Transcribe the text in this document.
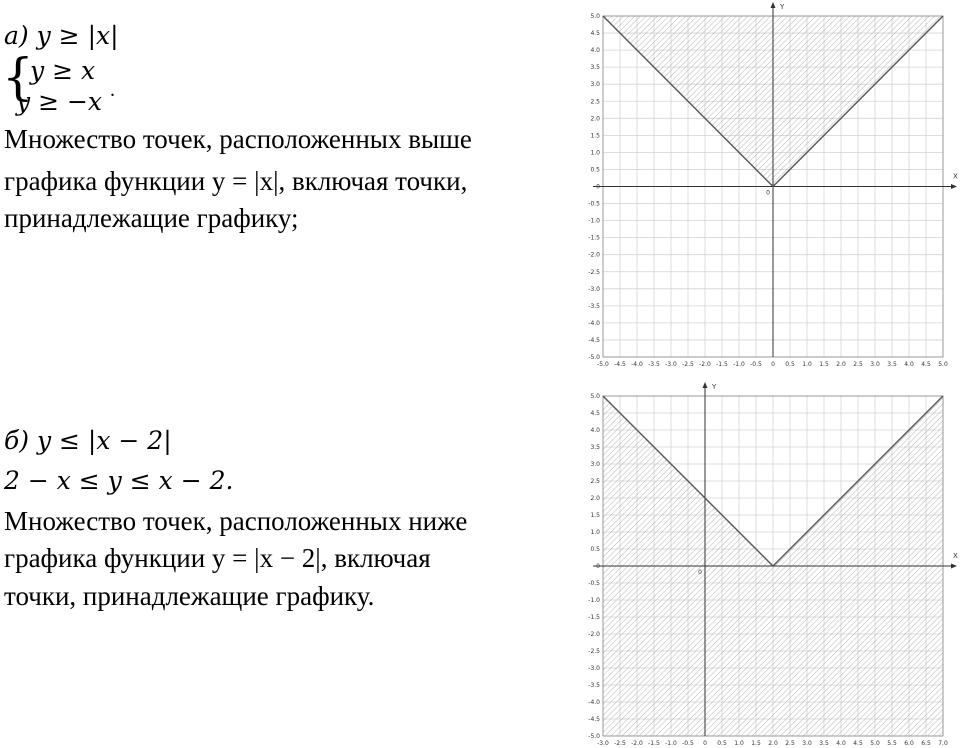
а) y ≥ |x|
{
y ≥ x
y ≥ −x .
Множество точек, расположенных выше
графика функции y = |x|, включая точки,
принадлежащие графику;
б) y ≤ |x − 2|
2 − x ≤ y ≤ x − 2.
Множество точек, расположенных ниже
графика функции y = |x − 2|, включая
точки, принадлежащие графику.
X
Y
-5.0 -4.5 -4.0 -3.5 -3.0 -2.5 -2.0 -1.5 -1.0 -0.5 0 0.5 1.0 1.5 2.0 2.5 3.0 3.5 4.0 4.5 5.0
-5.0
-4.5
-4.0
-3.5
-3.0
-2.5
-2.0
-1.5
-1.0
-0.5
0
0.5
1.0
1.5
2.0
2.5
3.0
3.5
4.0
4.5
5.0
0
X
Y
-3.0 -2.5 -2.0 -1.5 -1.0 -0.5 0 0.5 1.0 1.5 2.0 2.5 3.0 3.5 4.0 4.5 5.0 5.5 6.0 6.5 7.0
-5.0
-4.5
-4.0
-3.5
-3.0
-2.5
-2.0
-1.5
-1.0
-0.5
0
0.5
1.0
1.5
2.0
2.5
3.0
3.5
4.0
4.5
5.0
0
